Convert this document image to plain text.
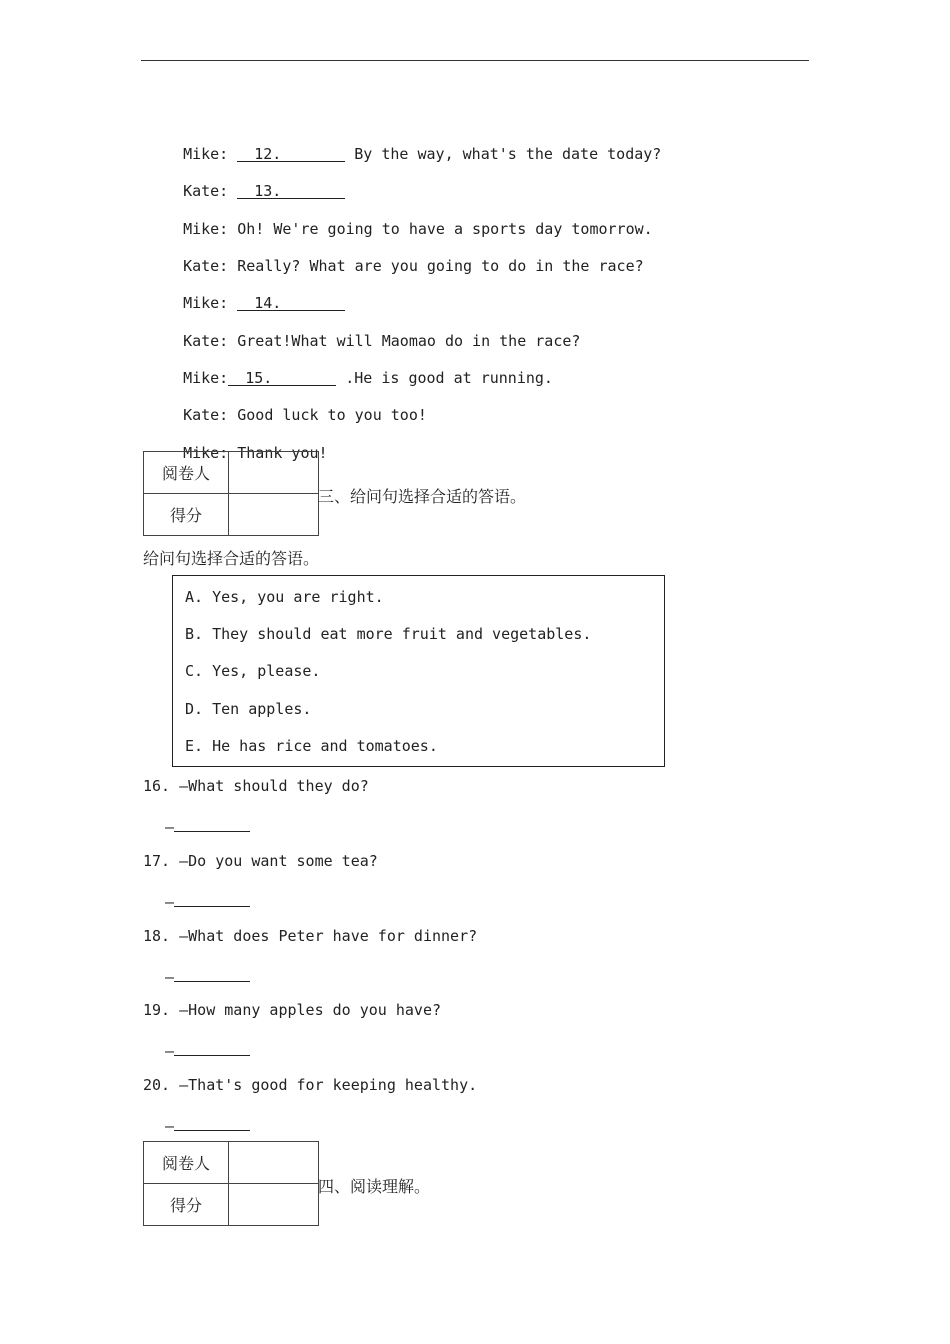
Mike: 12.	By the way, what's the date today?

Kate: 13.

Mike: Oh! We're going to have a sports day tomorrow.

Kate: Really? What are you going to do in the race?

Mike: 14.

Kate: Great!What will Maomao do in the race?

Mike: 15.	.He is good at running.

Kate: Good luck to you too!

Mike: Thank you!

阅卷人	
得分	
三、给问句选择合适的答语。
给问句选择合适的答语。
A. Yes, you are right.
B. They should eat more fruit and vegetables.
C. Yes, please.
D. Ten apples.
E. He has rice and tomatoes.
16. —What should they do?
—
17. —Do you want some tea?
—
18. —What does Peter have for dinner?
—
19. —How many apples do you have?
—
20. —That's good for keeping healthy.
—
阅卷人	
得分	
四、阅读理解。
